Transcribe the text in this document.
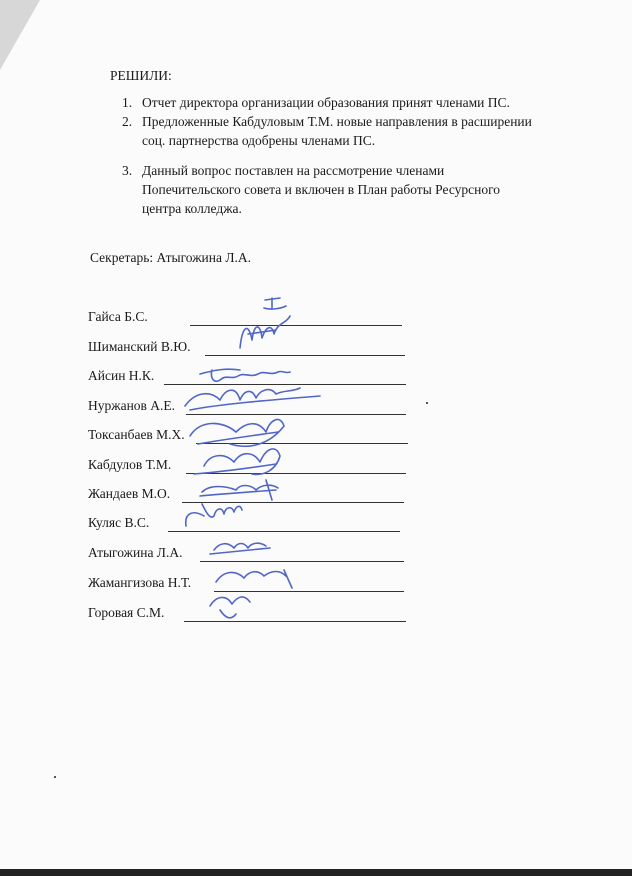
РЕШИЛИ:
1. Отчет директора организации образования принят членами ПС.
2. Предложенные Кабдуловым Т.М. новые направления в расширении
соц. партнерства одобрены членами ПС.
3. Данный вопрос поставлен на рассмотрение членами
Попечительского совета и включен в План работы Ресурсного
центра колледжа.
Секретарь: Атыгожина Л.А.
Гайса Б.С.
Шиманский В.Ю.
Айсин Н.К.
Нуржанов А.Е.
Токсанбаев М.Х.
Кабдулов Т.М.
Жандаев М.О.
Куляс В.С.
Атыгожина Л.А.
Жамангизова Н.Т.
Горовая С.М.
